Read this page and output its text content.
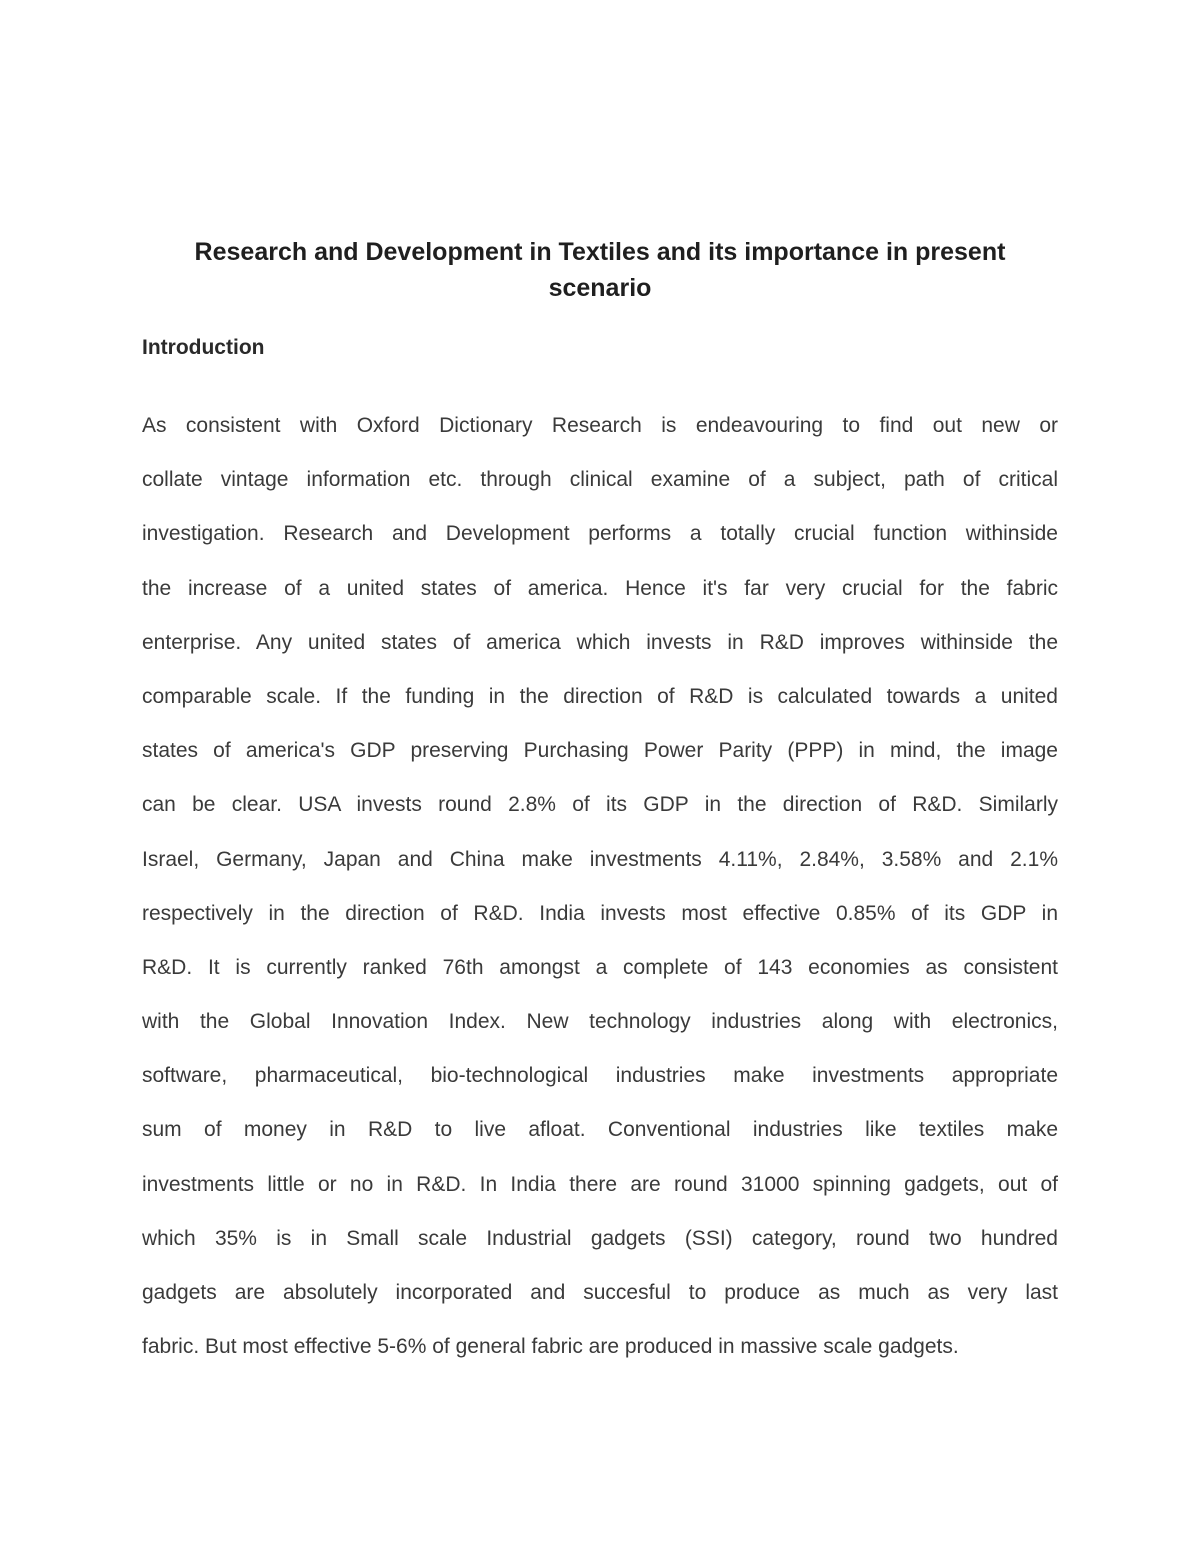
Research and Development in Textiles and its importance in present
scenario
Introduction
As consistent with Oxford Dictionary Research is endeavouring to find out new or
collate vintage information etc. through clinical examine of a subject, path of critical
investigation. Research and Development performs a totally crucial function withinside
the increase of a united states of america. Hence it's far very crucial for the fabric
enterprise. Any united states of america which invests in R&D improves withinside the
comparable scale. If the funding in the direction of R&D is calculated towards a united
states of america's GDP preserving Purchasing Power Parity (PPP) in mind, the image
can be clear. USA invests round 2.8% of its GDP in the direction of R&D. Similarly
Israel, Germany, Japan and China make investments 4.11%, 2.84%, 3.58% and 2.1%
respectively in the direction of R&D. India invests most effective 0.85% of its GDP in
R&D. It is currently ranked 76th amongst a complete of 143 economies as consistent
with the Global Innovation Index. New technology industries along with electronics,
software, pharmaceutical, bio-technological industries make investments appropriate
sum of money in R&D to live afloat. Conventional industries like textiles make
investments little or no in R&D. In India there are round 31000 spinning gadgets, out of
which 35% is in Small scale Industrial gadgets (SSI) category, round two hundred
gadgets are absolutely incorporated and succesful to produce as much as very last
fabric. But most effective 5-6% of general fabric are produced in massive scale gadgets.
